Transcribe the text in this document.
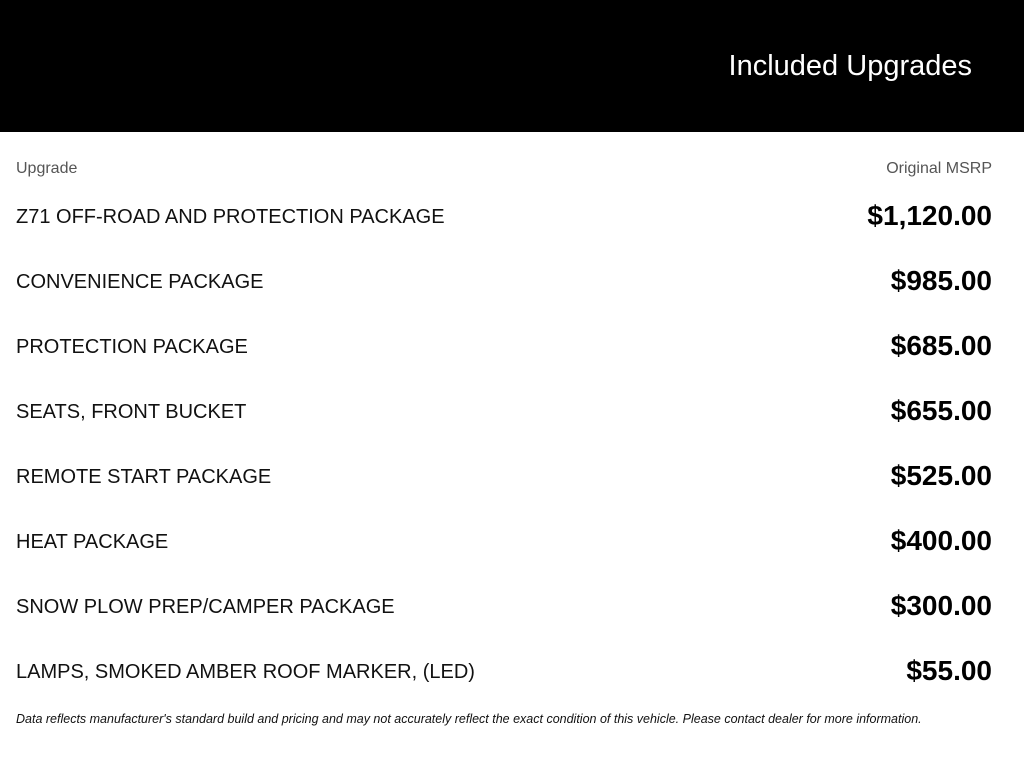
Included Upgrades
Upgrade	Original MSRP
Z71 OFF-ROAD AND PROTECTION PACKAGE	$1,120.00
CONVENIENCE PACKAGE	$985.00
PROTECTION PACKAGE	$685.00
SEATS, FRONT BUCKET	$655.00
REMOTE START PACKAGE	$525.00
HEAT PACKAGE	$400.00
SNOW PLOW PREP/CAMPER PACKAGE	$300.00
LAMPS, SMOKED AMBER ROOF MARKER, (LED)	$55.00
Data reflects manufacturer's standard build and pricing and may not accurately reflect the exact condition of this vehicle. Please contact dealer for more information.
